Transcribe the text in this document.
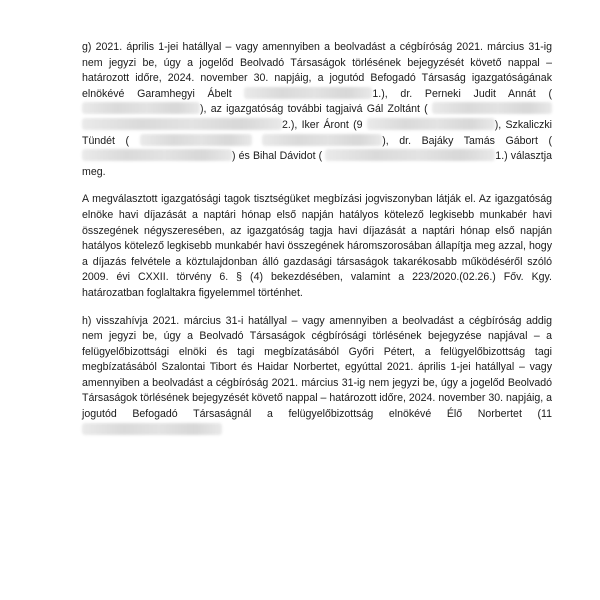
g) 2021. április 1-jei hatállyal – vagy amennyiben a beolvadást a cégbíróság 2021. március 31-ig nem jegyzi be, úgy a jogelőd Beolvadó Társaságok törlésének bejegyzését követő nappal – határozott időre, 2024. november 30. napjáig, a jogutód Befogadó Társaság igazgatóságának elnökévé Garamhegyi Ábelt	1.), dr. Perneki Judit Annát ( ), az igazgatóság további tagjaivá Gál Zoltánt (  2.), Iker Áront (9	), Szkaliczki Tündét (	), dr. Bajáky Tamás Gábort ( ) és Bihal Dávidot (	1.) választja meg.

A megválasztott igazgatósági tagok tisztségüket megbízási jogviszonyban látják el. Az igazgatóság elnöke havi díjazását a naptári hónap első napján hatályos kötelező legkisebb munkabér havi összegének négyszeresében, az igazgatóság tagja havi díjazását a naptári hónap első napján hatályos kötelező legkisebb munkabér havi összegének háromszorosában állapítja meg azzal, hogy a díjazás felvétele a köztulajdonban álló gazdasági társaságok takarékosabb működéséről szóló 2009. évi CXXII. törvény 6. § (4) bekezdésében, valamint a 223/2020.(02.26.) Főv. Kgy. határozatban foglaltakra figyelemmel történhet.

h) visszahívja 2021. március 31-i hatállyal – vagy amennyiben a beolvadást a cégbíróság addig nem jegyzi be, úgy a Beolvadó Társaságok cégbírósági törlésének bejegyzése napjával – a felügyelőbizottsági elnöki és tagi megbízatásából Győri Pétert, a felügyelőbizottság tagi megbízatásából Szalontai Tibort és Haidar Norbertet, egyúttal 2021. április 1-jei hatállyal – vagy amennyiben a beolvadást a cégbíróság 2021. március 31-ig nem jegyzi be, úgy a jogelőd Beolvadó Társaságok törlésének bejegyzését követő nappal – határozott időre, 2024. november 30. napjáig, a jogutód Befogadó Társaságnál a felügyelőbizottság elnökévé Élő Norbertet (11
